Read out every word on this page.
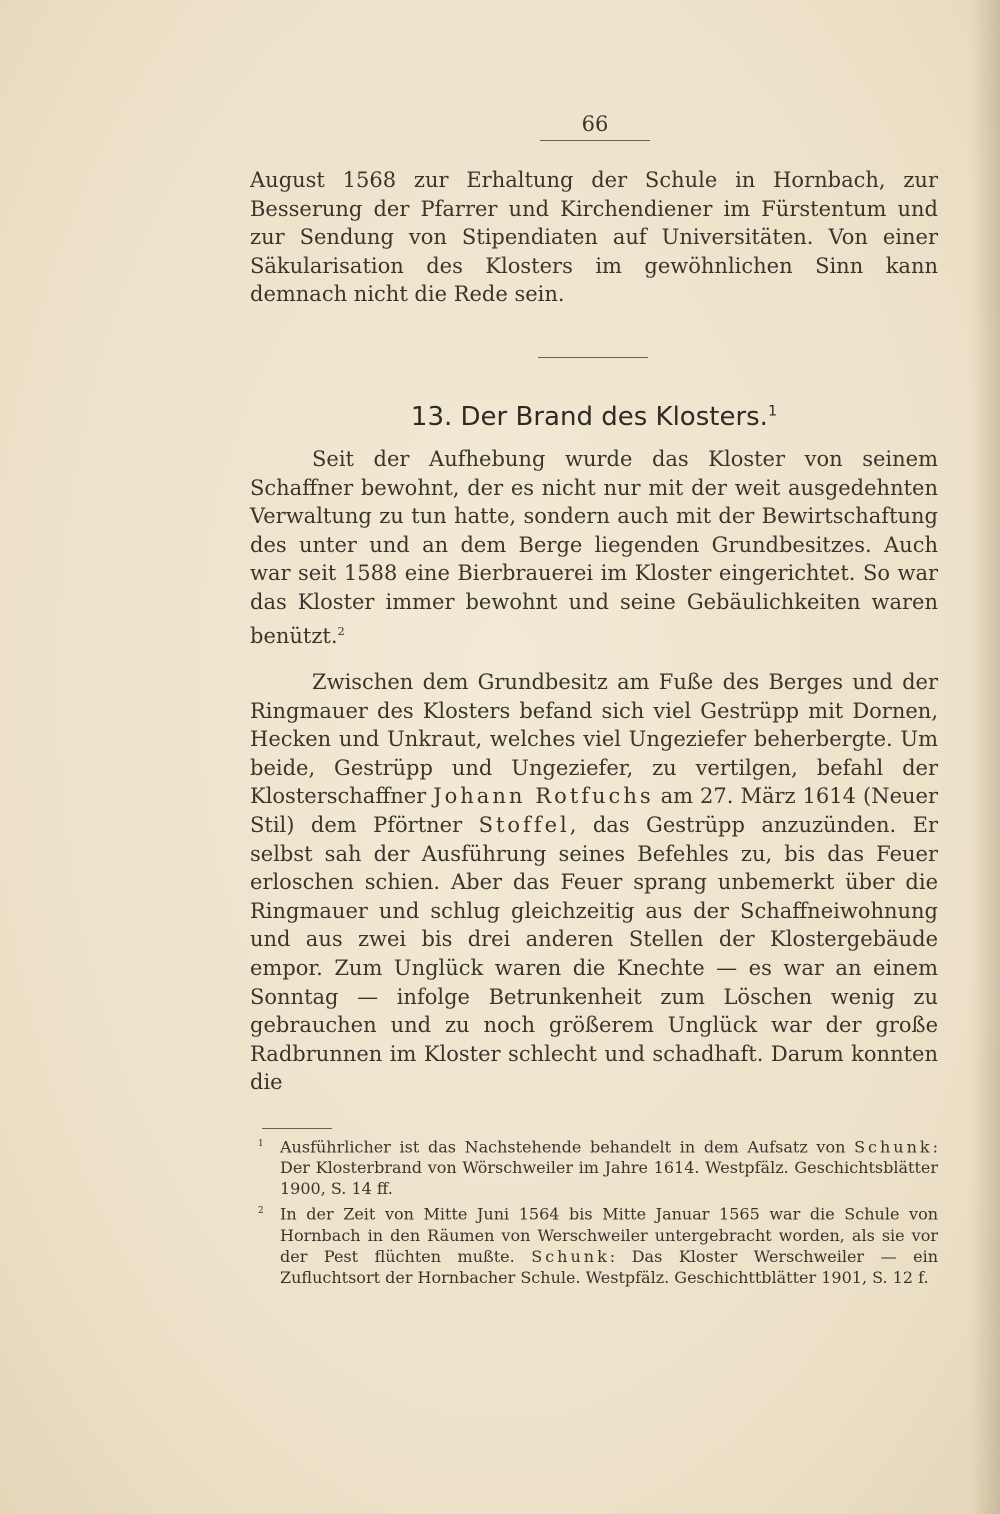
66
August 1568 zur Erhaltung der Schule in Hornbach, zur Besserung der Pfarrer und Kirchendiener im Fürstentum und zur Sendung von Stipendiaten auf Universitäten. Von einer Säkularisation des Klosters im gewöhnlichen Sinn kann demnach nicht die Rede sein.
13. Der Brand des Klosters.$^1$
Seit der Aufhebung wurde das Kloster von seinem Schaffner bewohnt, der es nicht nur mit der weit ausgedehnten Verwaltung zu tun hatte, sondern auch mit der Bewirtschaftung des unter und an dem Berge liegenden Grundbesitzes. Auch war seit 1588 eine Bierbrauerei im Kloster eingerichtet. So war das Kloster immer bewohnt und seine Gebäulichkeiten waren benützt.$^2$
Zwischen dem Grundbesitz am Fuße des Berges und der Ringmauer des Klosters befand sich viel Gestrüpp mit Dornen, Hecken und Unkraut, welches viel Ungeziefer beherbergte. Um beide, Gestrüpp und Ungeziefer, zu vertilgen, befahl der Klosterschaffner Johann Rotfuchs am 27. März 1614 (Neuer Stil) dem Pförtner Stoffel, das Gestrüpp anzuzünden. Er selbst sah der Ausführung seines Befehles zu, bis das Feuer erloschen schien. Aber das Feuer sprang unbemerkt über die Ringmauer und schlug gleichzeitig aus der Schaffneiwohnung und aus zwei bis drei anderen Stellen der Klostergebäude empor. Zum Unglück waren die Knechte — es war an einem Sonntag — infolge Betrunkenheit zum Löschen wenig zu gebrauchen und zu noch größerem Unglück war der große Radbrunnen im Kloster schlecht und schadhaft. Darum konnten die

$^1$ Ausführlicher ist das Nachstehende behandelt in dem Aufsatz von Schunk: Der Klosterbrand von Wörschweiler im Jahre 1614. Westpfälz. Geschichtsblätter 1900, S. 14 ff.

$^2$ In der Zeit von Mitte Juni 1564 bis Mitte Januar 1565 war die Schule von Hornbach in den Räumen von Werschweiler untergebracht worden, als sie vor der Pest flüchten mußte. Schunk: Das Kloster Werschweiler — ein Zufluchtsort der Hornbacher Schule. Westpfälz. Geschichttblätter 1901, S. 12 f.
